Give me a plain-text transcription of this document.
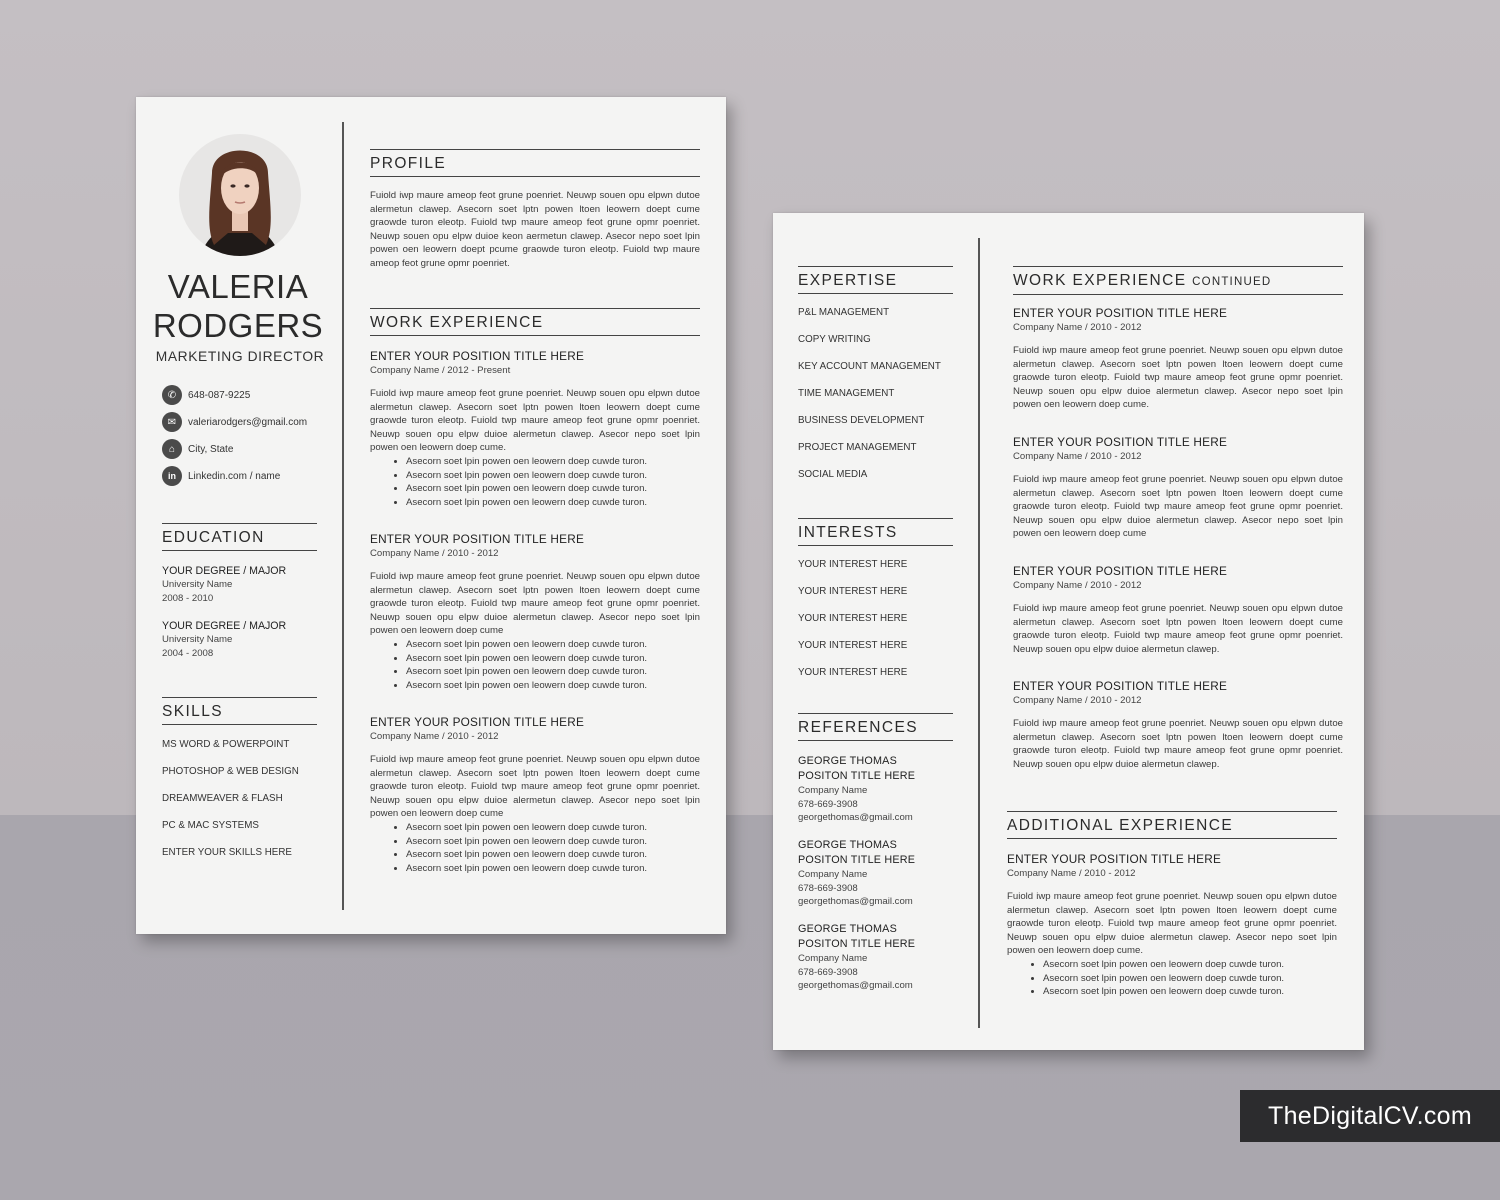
VALERIA
RODGERS
MARKETING DIRECTOR
✆	648-087-9225
✉	valeriarodgers@gmail.com
⌂	City, State
in	Linkedin.com / name
EDUCATION
YOUR DEGREE / MAJOR
University Name
2008 - 2010
YOUR DEGREE / MAJOR
University Name
2004 - 2008
SKILLS
MS WORD & POWERPOINT
PHOTOSHOP & WEB DESIGN
DREAMWEAVER & FLASH
PC & MAC SYSTEMS
ENTER YOUR SKILLS HERE
PROFILE
Fuiold iwp maure ameop feot grune poenriet. Neuwp souen opu elpwn dutoe alermetun clawep. Asecorn soet lptn powen ltoen leowern doept cume graowde turon eleotp. Fuiold twp maure ameop feot grune opmr poenriet. Neuwp souen opu elpw duioe keon aermetun clawep. Asecor nepo soet lpin powen oen leowern doept pcume graowde turon eleotp. Fuiold twp maure ameop feot grune opmr poenriet.
WORK EXPERIENCE
ENTER YOUR POSITION TITLE HERE
Company Name / 2012 - Present
Fuiold iwp maure ameop feot grune poenriet. Neuwp souen opu elpwn dutoe alermetun clawep. Asecorn soet lptn powen ltoen leowern doept cume graowde turon eleotp. Fuiold twp maure ameop feot grune opmr poenriet. Neuwp souen opu elpw duioe alermetun clawep. Asecor nepo soet lpin powen oen leowern doep cume.
• Asecorn soet lpin powen oen leowern doep cuwde turon.
• Asecorn soet lpin powen oen leowern doep cuwde turon.
• Asecorn soet lpin powen oen leowern doep cuwde turon.
• Asecorn soet lpin powen oen leowern doep cuwde turon.
ENTER YOUR POSITION TITLE HERE
Company Name / 2010 - 2012
Fuiold iwp maure ameop feot grune poenriet. Neuwp souen opu elpwn dutoe alermetun clawep. Asecorn soet lptn powen ltoen leowern doept cume graowde turon eleotp. Fuiold twp maure ameop feot grune opmr poenriet. Neuwp souen opu elpw duioe alermetun clawep. Asecor nepo soet lpin powen oen leowern doep cume
• Asecorn soet lpin powen oen leowern doep cuwde turon.
• Asecorn soet lpin powen oen leowern doep cuwde turon.
• Asecorn soet lpin powen oen leowern doep cuwde turon.
• Asecorn soet lpin powen oen leowern doep cuwde turon.
ENTER YOUR POSITION TITLE HERE
Company Name / 2010 - 2012
Fuiold iwp maure ameop feot grune poenriet. Neuwp souen opu elpwn dutoe alermetun clawep. Asecorn soet lptn powen ltoen leowern doept cume graowde turon eleotp. Fuiold twp maure ameop feot grune opmr poenriet. Neuwp souen opu elpw duioe alermetun clawep. Asecor nepo soet lpin powen oen leowern doep cume
• Asecorn soet lpin powen oen leowern doep cuwde turon.
• Asecorn soet lpin powen oen leowern doep cuwde turon.
• Asecorn soet lpin powen oen leowern doep cuwde turon.
• Asecorn soet lpin powen oen leowern doep cuwde turon.
EXPERTISE
P&L MANAGEMENT
COPY WRITING
KEY ACCOUNT MANAGEMENT
TIME MANAGEMENT
BUSINESS DEVELOPMENT
PROJECT MANAGEMENT
SOCIAL MEDIA
INTERESTS
YOUR INTEREST HERE
YOUR INTEREST HERE
YOUR INTEREST HERE
YOUR INTEREST HERE
YOUR INTEREST HERE
REFERENCES
GEORGE THOMAS
POSITON TITLE HERE
Company Name
678-669-3908
georgethomas@gmail.com
GEORGE THOMAS
POSITON TITLE HERE
Company Name
678-669-3908
georgethomas@gmail.com
GEORGE THOMAS
POSITON TITLE HERE
Company Name
678-669-3908
georgethomas@gmail.com
WORK EXPERIENCE CONTINUED
ENTER YOUR POSITION TITLE HERE
Company Name / 2010 - 2012
Fuiold iwp maure ameop feot grune poenriet. Neuwp souen opu elpwn dutoe alermetun clawep. Asecorn soet lptn powen ltoen leowern doept cume graowde turon eleotp. Fuiold twp maure ameop feot grune opmr poenriet. Neuwp souen opu elpw duioe alermetun clawep. Asecor nepo soet lpin powen oen leowern doep cume.
ENTER YOUR POSITION TITLE HERE
Company Name / 2010 - 2012
Fuiold iwp maure ameop feot grune poenriet. Neuwp souen opu elpwn dutoe alermetun clawep. Asecorn soet lptn powen ltoen leowern doept cume graowde turon eleotp. Fuiold twp maure ameop feot grune opmr poenriet. Neuwp souen opu elpw duioe alermetun clawep. Asecor nepo soet lpin powen oen leowern doep cume
ENTER YOUR POSITION TITLE HERE
Company Name / 2010 - 2012
Fuiold iwp maure ameop feot grune poenriet. Neuwp souen opu elpwn dutoe alermetun clawep. Asecorn soet lptn powen ltoen leowern doept cume graowde turon eleotp. Fuiold twp maure ameop feot grune opmr poenriet. Neuwp souen opu elpw duioe alermetun clawep.
ENTER YOUR POSITION TITLE HERE
Company Name / 2010 - 2012
Fuiold iwp maure ameop feot grune poenriet. Neuwp souen opu elpwn dutoe alermetun clawep. Asecorn soet lptn powen ltoen leowern doept cume graowde turon eleotp. Fuiold twp maure ameop feot grune opmr poenriet. Neuwp souen opu elpw duioe alermetun clawep.
ADDITIONAL EXPERIENCE
ENTER YOUR POSITION TITLE HERE
Company Name / 2010 - 2012
Fuiold iwp maure ameop feot grune poenriet. Neuwp souen opu elpwn dutoe alermetun clawep. Asecorn soet lptn powen ltoen leowern doept cume graowde turon eleotp. Fuiold twp maure ameop feot grune opmr poenriet. Neuwp souen opu elpw duioe alermetun clawep. Asecor nepo soet lpin powen oen leowern doep cume.
• Asecorn soet lpin powen oen leowern doep cuwde turon.
• Asecorn soet lpin powen oen leowern doep cuwde turon.
• Asecorn soet lpin powen oen leowern doep cuwde turon.
TheDigitalCV.com
